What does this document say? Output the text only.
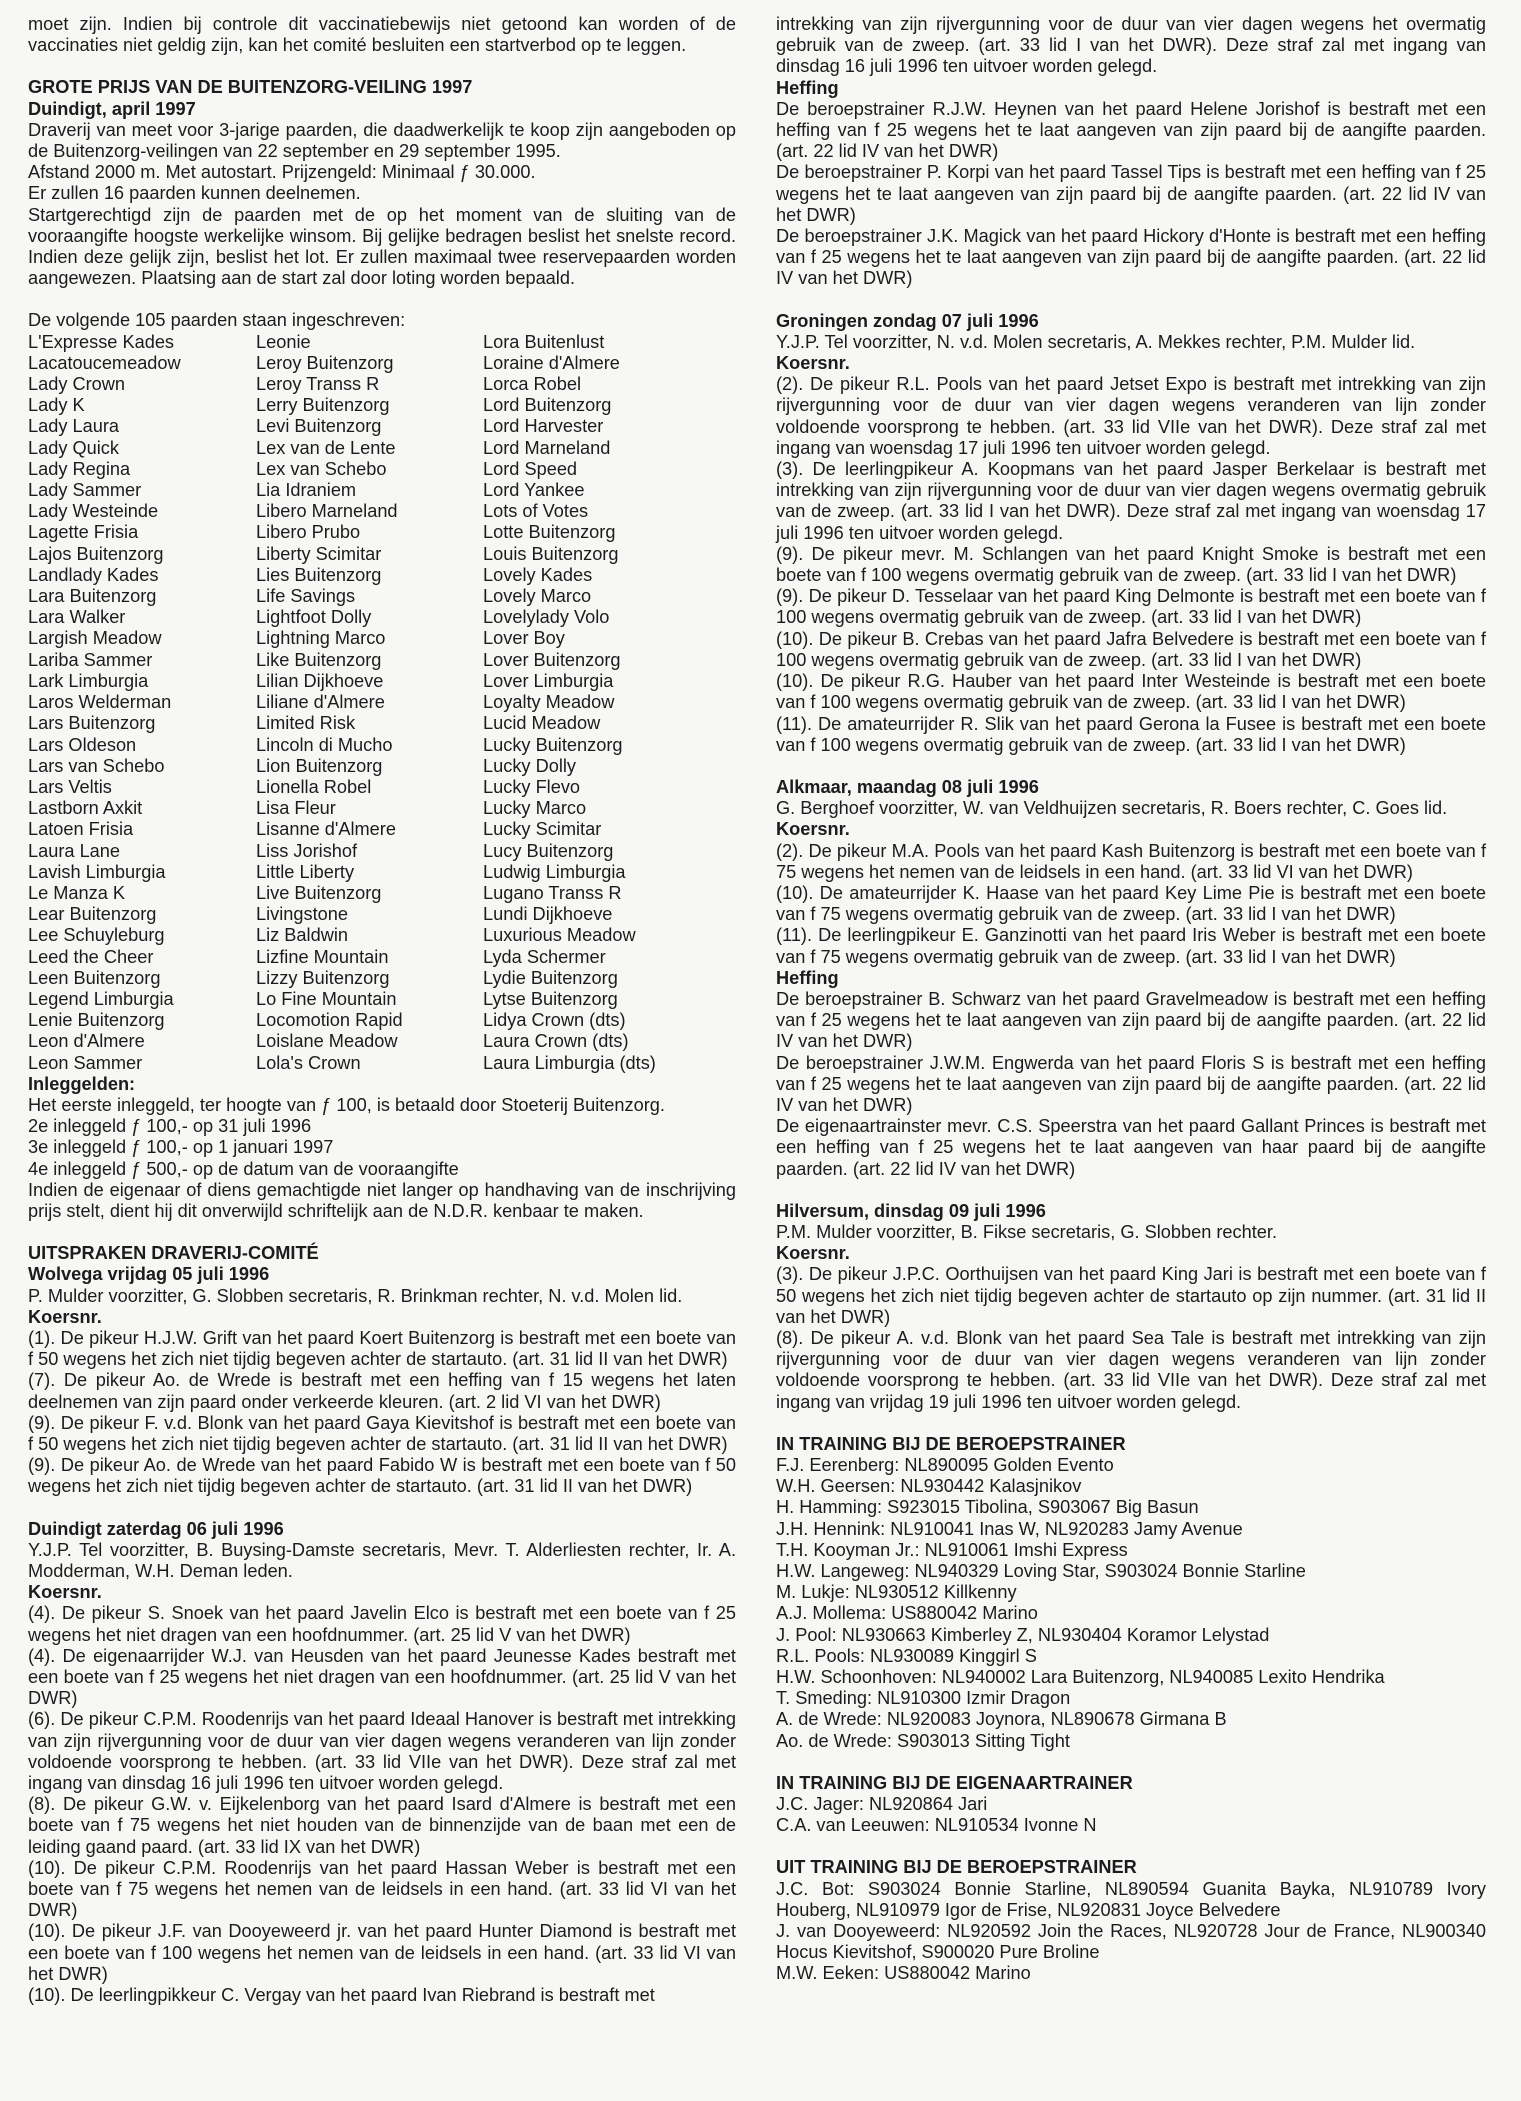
moet zijn. Indien bij controle dit vaccinatiebewijs niet getoond kan worden of de vaccinaties niet geldig zijn, kan het comité besluiten een startverbod op te leggen.

GROTE PRIJS VAN DE BUITENZORG-VEILING 1997

Duindigt, april 1997

Draverij van meet voor 3-jarige paarden, die daadwerkelijk te koop zijn aangeboden op de Buitenzorg-veilingen van 22 september en 29 september 1995.

Afstand 2000 m. Met autostart. Prijzengeld: Minimaal ƒ 30.000.

Er zullen 16 paarden kunnen deelnemen.

Startgerechtigd zijn de paarden met de op het moment van de sluiting van de vooraangifte hoogste werkelijke winsom. Bij gelijke bedragen beslist het snelste record. Indien deze gelijk zijn, beslist het lot. Er zullen maximaal twee reservepaarden worden aangewezen. Plaatsing aan de start zal door loting worden bepaald.

De volgende 105 paarden staan ingeschreven:

L'Expresse Kades	Leonie	Lora Buitenlust
Lacatoucemeadow	Leroy Buitenzorg	Loraine d'Almere
Lady Crown	Leroy Transs R	Lorca Robel
Lady K	Lerry Buitenzorg	Lord Buitenzorg
Lady Laura	Levi Buitenzorg	Lord Harvester
Lady Quick	Lex van de Lente	Lord Marneland
Lady Regina	Lex van Schebo	Lord Speed
Lady Sammer	Lia Idraniem	Lord Yankee
Lady Westeinde	Libero Marneland	Lots of Votes
Lagette Frisia	Libero Prubo	Lotte Buitenzorg
Lajos Buitenzorg	Liberty Scimitar	Louis Buitenzorg
Landlady Kades	Lies Buitenzorg	Lovely Kades
Lara Buitenzorg	Life Savings	Lovely Marco
Lara Walker	Lightfoot Dolly	Lovelylady Volo
Largish Meadow	Lightning Marco	Lover Boy
Lariba Sammer	Like Buitenzorg	Lover Buitenzorg
Lark Limburgia	Lilian Dijkhoeve	Lover Limburgia
Laros Welderman	Liliane d'Almere	Loyalty Meadow
Lars Buitenzorg	Limited Risk	Lucid Meadow
Lars Oldeson	Lincoln di Mucho	Lucky Buitenzorg
Lars van Schebo	Lion Buitenzorg	Lucky Dolly
Lars Veltis	Lionella Robel	Lucky Flevo
Lastborn Axkit	Lisa Fleur	Lucky Marco
Latoen Frisia	Lisanne d'Almere	Lucky Scimitar
Laura Lane	Liss Jorishof	Lucy Buitenzorg
Lavish Limburgia	Little Liberty	Ludwig Limburgia
Le Manza K	Live Buitenzorg	Lugano Transs R
Lear Buitenzorg	Livingstone	Lundi Dijkhoeve
Lee Schuyleburg	Liz Baldwin	Luxurious Meadow
Leed the Cheer	Lizfine Mountain	Lyda Schermer
Leen Buitenzorg	Lizzy Buitenzorg	Lydie Buitenzorg
Legend Limburgia	Lo Fine Mountain	Lytse Buitenzorg
Lenie Buitenzorg	Locomotion Rapid	Lidya Crown (dts)
Leon d'Almere	Loislane Meadow	Laura Crown (dts)
Leon Sammer	Lola's Crown	Laura Limburgia (dts)

Inleggelden:

Het eerste inleggeld, ter hoogte van ƒ 100, is betaald door Stoeterij Buitenzorg.

2e inleggeld ƒ 100,- op 31 juli 1996

3e inleggeld ƒ 100,- op 1 januari 1997

4e inleggeld ƒ 500,- op de datum van de vooraangifte

Indien de eigenaar of diens gemachtigde niet langer op handhaving van de inschrijving prijs stelt, dient hij dit onverwijld schriftelijk aan de N.D.R. kenbaar te maken.

UITSPRAKEN DRAVERIJ-COMITÉ

Wolvega vrijdag 05 juli 1996

P. Mulder voorzitter, G. Slobben secretaris, R. Brinkman rechter, N. v.d. Molen lid.

Koersnr.

(1). De pikeur H.J.W. Grift van het paard Koert Buitenzorg is bestraft met een boete van f 50 wegens het zich niet tijdig begeven achter de startauto. (art. 31 lid II van het DWR)

(7). De pikeur Ao. de Wrede is bestraft met een heffing van f 15 wegens het laten deelnemen van zijn paard onder verkeerde kleuren. (art. 2 lid VI van het DWR)

(9). De pikeur F. v.d. Blonk van het paard Gaya Kievitshof is bestraft met een boete van f 50 wegens het zich niet tijdig begeven achter de startauto. (art. 31 lid II van het DWR)

(9). De pikeur Ao. de Wrede van het paard Fabido W is bestraft met een boete van f 50 wegens het zich niet tijdig begeven achter de startauto. (art. 31 lid II van het DWR)

Duindigt zaterdag 06 juli 1996

Y.J.P. Tel voorzitter, B. Buysing-Damste secretaris, Mevr. T. Alderliesten rechter, Ir. A. Modderman, W.H. Deman leden.

Koersnr.

(4). De pikeur S. Snoek van het paard Javelin Elco is bestraft met een boete van f 25 wegens het niet dragen van een hoofdnummer. (art. 25 lid V van het DWR)

(4). De eigenaarrijder W.J. van Heusden van het paard Jeunesse Kades bestraft met een boete van f 25 wegens het niet dragen van een hoofdnummer. (art. 25 lid V van het DWR)

(6). De pikeur C.P.M. Roodenrijs van het paard Ideaal Hanover is bestraft met intrekking van zijn rijvergunning voor de duur van vier dagen wegens veranderen van lijn zonder voldoende voorsprong te hebben. (art. 33 lid VIIe van het DWR). Deze straf zal met ingang van dinsdag 16 juli 1996 ten uitvoer worden gelegd.

(8). De pikeur G.W. v. Eijkelenborg van het paard Isard d'Almere is bestraft met een boete van f 75 wegens het niet houden van de binnenzijde van de baan met een de leiding gaand paard. (art. 33 lid IX van het DWR)

(10). De pikeur C.P.M. Roodenrijs van het paard Hassan Weber is bestraft met een boete van f 75 wegens het nemen van de leidsels in een hand. (art. 33 lid VI van het DWR)

(10). De pikeur J.F. van Dooyeweerd jr. van het paard Hunter Diamond is bestraft met een boete van f 100 wegens het nemen van de leidsels in een hand. (art. 33 lid VI van het DWR)

(10). De leerlingpikkeur C. Vergay van het paard Ivan Riebrand is bestraft met

intrekking van zijn rijvergunning voor de duur van vier dagen wegens het overmatig gebruik van de zweep. (art. 33 lid I van het DWR). Deze straf zal met ingang van dinsdag 16 juli 1996 ten uitvoer worden gelegd.

Heffing

De beroepstrainer R.J.W. Heynen van het paard Helene Jorishof is bestraft met een heffing van f 25 wegens het te laat aangeven van zijn paard bij de aangifte paarden. (art. 22 lid IV van het DWR)

De beroepstrainer P. Korpi van het paard Tassel Tips is bestraft met een heffing van f 25 wegens het te laat aangeven van zijn paard bij de aangifte paarden. (art. 22 lid IV van het DWR)

De beroepstrainer J.K. Magick van het paard Hickory d'Honte is bestraft met een heffing van f 25 wegens het te laat aangeven van zijn paard bij de aangifte paarden. (art. 22 lid IV van het DWR)

Groningen zondag 07 juli 1996

Y.J.P. Tel voorzitter, N. v.d. Molen secretaris, A. Mekkes rechter, P.M. Mulder lid.

Koersnr.

(2). De pikeur R.L. Pools van het paard Jetset Expo is bestraft met intrekking van zijn rijvergunning voor de duur van vier dagen wegens veranderen van lijn zonder voldoende voorsprong te hebben. (art. 33 lid VIIe van het DWR). Deze straf zal met ingang van woensdag 17 juli 1996 ten uitvoer worden gelegd.

(3). De leerlingpikeur A. Koopmans van het paard Jasper Berkelaar is bestraft met intrekking van zijn rijvergunning voor de duur van vier dagen wegens overmatig gebruik van de zweep. (art. 33 lid I van het DWR). Deze straf zal met ingang van woensdag 17 juli 1996 ten uitvoer worden gelegd.

(9). De pikeur mevr. M. Schlangen van het paard Knight Smoke is bestraft met een boete van f 100 wegens overmatig gebruik van de zweep. (art. 33 lid I van het DWR)

(9). De pikeur D. Tesselaar van het paard King Delmonte is bestraft met een boete van f 100 wegens overmatig gebruik van de zweep. (art. 33 lid I van het DWR)

(10). De pikeur B. Crebas van het paard Jafra Belvedere is bestraft met een boete van f 100 wegens overmatig gebruik van de zweep. (art. 33 lid I van het DWR)

(10). De pikeur R.G. Hauber van het paard Inter Westeinde is bestraft met een boete van f 100 wegens overmatig gebruik van de zweep. (art. 33 lid I van het DWR)

(11). De amateurrijder R. Slik van het paard Gerona la Fusee is bestraft met een boete van f 100 wegens overmatig gebruik van de zweep. (art. 33 lid I van het DWR)

Alkmaar, maandag 08 juli 1996

G. Berghoef voorzitter, W. van Veldhuijzen secretaris, R. Boers rechter, C. Goes lid.

Koersnr.

(2). De pikeur M.A. Pools van het paard Kash Buitenzorg is bestraft met een boete van f 75 wegens het nemen van de leidsels in een hand. (art. 33 lid VI van het DWR)

(10). De amateurrijder K. Haase van het paard Key Lime Pie is bestraft met een boete van f 75 wegens overmatig gebruik van de zweep. (art. 33 lid I van het DWR)

(11). De leerlingpikeur E. Ganzinotti van het paard Iris Weber is bestraft met een boete van f 75 wegens overmatig gebruik van de zweep. (art. 33 lid I van het DWR)

Heffing

De beroepstrainer B. Schwarz van het paard Gravelmeadow is bestraft met een heffing van f 25 wegens het te laat aangeven van zijn paard bij de aangifte paarden. (art. 22 lid IV van het DWR)

De beroepstrainer J.W.M. Engwerda van het paard Floris S is bestraft met een heffing van f 25 wegens het te laat aangeven van zijn paard bij de aangifte paarden. (art. 22 lid IV van het DWR)

De eigenaartrainster mevr. C.S. Speerstra van het paard Gallant Princes is bestraft met een heffing van f 25 wegens het te laat aangeven van haar paard bij de aangifte paarden. (art. 22 lid IV van het DWR)

Hilversum, dinsdag 09 juli 1996

P.M. Mulder voorzitter, B. Fikse secretaris, G. Slobben rechter.

Koersnr.

(3). De pikeur J.P.C. Oorthuijsen van het paard King Jari is bestraft met een boete van f 50 wegens het zich niet tijdig begeven achter de startauto op zijn nummer. (art. 31 lid II van het DWR)

(8). De pikeur A. v.d. Blonk van het paard Sea Tale is bestraft met intrekking van zijn rijvergunning voor de duur van vier dagen wegens veranderen van lijn zonder voldoende voorsprong te hebben. (art. 33 lid VIIe van het DWR). Deze straf zal met ingang van vrijdag 19 juli 1996 ten uitvoer worden gelegd.

IN TRAINING BIJ DE BEROEPSTRAINER

F.J. Eerenberg: NL890095 Golden Evento

W.H. Geersen: NL930442 Kalasjnikov

H. Hamming: S923015 Tibolina, S903067 Big Basun

J.H. Hennink: NL910041 Inas W, NL920283 Jamy Avenue

T.H. Kooyman Jr.: NL910061 Imshi Express

H.W. Langeweg: NL940329 Loving Star, S903024 Bonnie Starline

M. Lukje: NL930512 Killkenny

A.J. Mollema: US880042 Marino

J. Pool: NL930663 Kimberley Z, NL930404 Koramor Lelystad

R.L. Pools: NL930089 Kinggirl S

H.W. Schoonhoven: NL940002 Lara Buitenzorg, NL940085 Lexito Hendrika

T. Smeding: NL910300 Izmir Dragon

A. de Wrede: NL920083 Joynora, NL890678 Girmana B

Ao. de Wrede: S903013 Sitting Tight

IN TRAINING BIJ DE EIGENAARTRAINER

J.C. Jager: NL920864 Jari

C.A. van Leeuwen: NL910534 Ivonne N

UIT TRAINING BIJ DE BEROEPSTRAINER

J.C. Bot: S903024 Bonnie Starline, NL890594 Guanita Bayka, NL910789 Ivory Houberg, NL910979 Igor de Frise, NL920831 Joyce Belvedere

J. van Dooyeweerd: NL920592 Join the Races, NL920728 Jour de France, NL900340 Hocus Kievitshof, S900020 Pure Broline

M.W. Eeken: US880042 Marino
